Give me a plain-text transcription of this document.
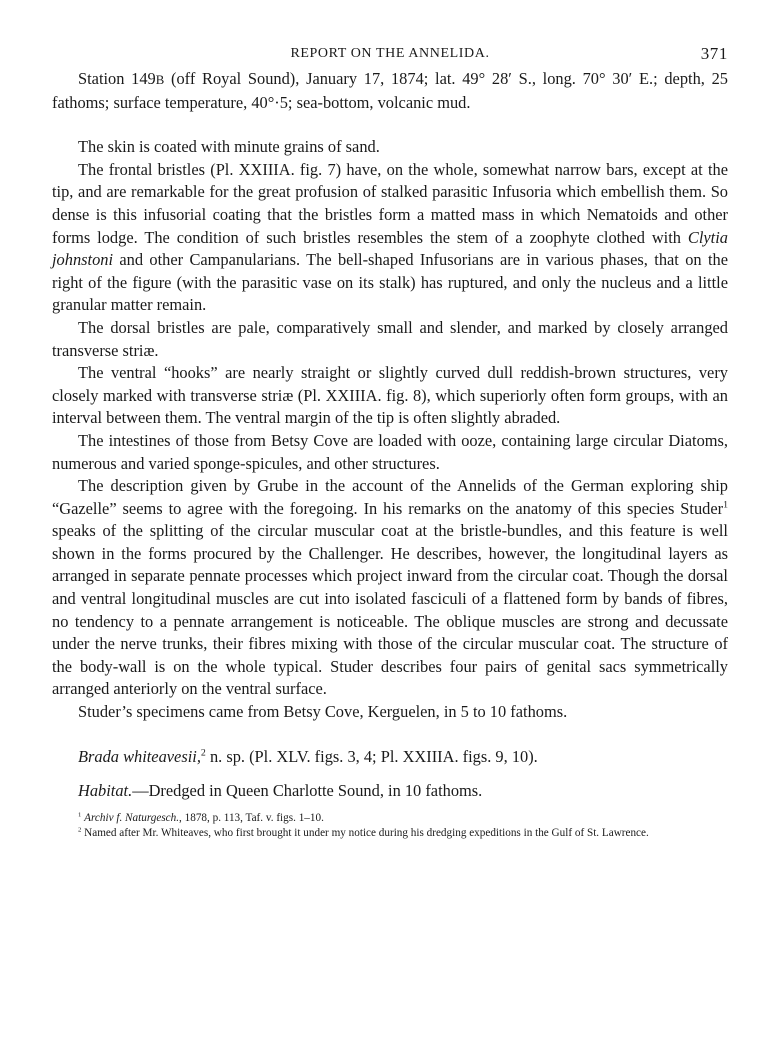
REPORT ON THE ANNELIDA.	371

Station 149B (off Royal Sound), January 17, 1874; lat. 49° 28′ S., long. 70° 30′ E.; depth, 25 fathoms; surface temperature, 40°·5; sea-bottom, volcanic mud.

The skin is coated with minute grains of sand.

The frontal bristles (Pl. XXIIIA. fig. 7) have, on the whole, somewhat narrow bars, except at the tip, and are remarkable for the great profusion of stalked parasitic Infusoria which embellish them. So dense is this infusorial coating that the bristles form a matted mass in which Nematoids and other forms lodge. The condition of such bristles resembles the stem of a zoophyte clothed with Clytia johnstoni and other Campanularians. The bell-shaped Infusorians are in various phases, that on the right of the figure (with the parasitic vase on its stalk) has ruptured, and only the nucleus and a little granular matter remain.

The dorsal bristles are pale, comparatively small and slender, and marked by closely arranged transverse striæ.

The ventral “hooks” are nearly straight or slightly curved dull reddish-brown structures, very closely marked with transverse striæ (Pl. XXIIIA. fig. 8), which superiorly often form groups, with an interval between them. The ventral margin of the tip is often slightly abraded.

The intestines of those from Betsy Cove are loaded with ooze, containing large circular Diatoms, numerous and varied sponge-spicules, and other structures.

The description given by Grube in the account of the Annelids of the German exploring ship “Gazelle” seems to agree with the foregoing. In his remarks on the anatomy of this species Studer$^1$ speaks of the splitting of the circular muscular coat at the bristle-bundles, and this feature is well shown in the forms procured by the Challenger. He describes, however, the longitudinal layers as arranged in separate pennate processes which project inward from the circular coat. Though the dorsal and ventral longitudinal muscles are cut into isolated fasciculi of a flattened form by bands of fibres, no tendency to a pennate arrangement is noticeable. The oblique muscles are strong and decussate under the nerve trunks, their fibres mixing with those of the circular muscular coat. The structure of the body-wall is on the whole typical. Studer describes four pairs of genital sacs symmetrically arranged anteriorly on the ventral surface.

Studer’s specimens came from Betsy Cove, Kerguelen, in 5 to 10 fathoms.

Brada whiteavesii,$^2$ n. sp. (Pl. XLV. figs. 3, 4; Pl. XXIIIA. figs. 9, 10).

Habitat.—Dredged in Queen Charlotte Sound, in 10 fathoms.

$^1$ Archiv f. Naturgesch., 1878, p. 113, Taf. v. figs. 1–10.

$^2$ Named after Mr. Whiteaves, who first brought it under my notice during his dredging expeditions in the Gulf of St. Lawrence.
